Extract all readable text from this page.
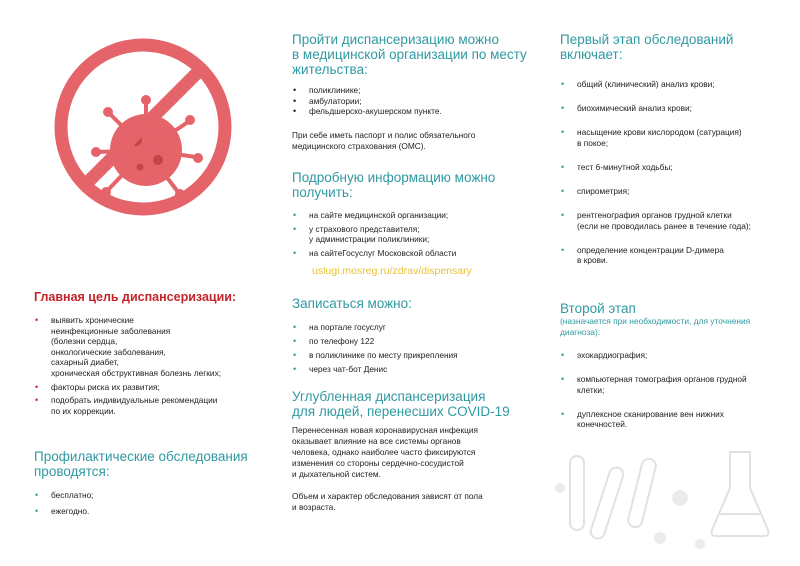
Главная цель диспансеризации:
• выявить хронические
неинфекционные заболевания
(болезни сердца,
онкологические заболевания,
сахарный диабет,
хроническая обструктивная болезнь легких;
• факторы риска их развития;
• подобрать индивидуальные рекомендации
по их коррекции.
Профилактические обследования
проводятся:
• бесплатно;
• ежегодно.
Пройти диспансеризацию можно
в медицинской организации по месту
жительства:
• поликлинике;
• амбулатории;
• фельдшерско-акушерском пункте.

При себе иметь паспорт и полис обязательного
медицинского страхования (ОМС).

Подробную информацию можно
получить:
• на сайте медицинской организации;
• у страхового представителя;
у администрации поликлиники;
• на сайтеГосуслуг Московской области
uslugi.mosreg.ru/zdrav/dispensary
Записаться можно:
• на портале госуслуг
• по телефону 122
• в поликлинике по месту прикрепления
• через чат-бот Денис
Углубленная диспансеризация
для людей, перенесших COVID-19

Перенесенная новая коронавирусная инфекция
оказывает влияние на все системы органов
человека, однако наиболее часто фиксируются
изменения со стороны сердечно-сосудистой
и дыхательной систем.

Объем и характер обследования зависят от пола
и возраста.

Первый этап обследований
включает:
• общий (клинический) анализ крови;
• биохимический анализ крови;
• насыщение крови кислородом (сатурация)
в покое;
• тест 6-минутной ходьбы;
• спирометрия;
• рентгенография органов грудной клетки
(если не проводилась ранее в течение года);
• определение концентрации D-димера
в крови.
Второй этап
(назначается при необходимости, для уточнения
диагноза):
• эхокардиография;
• компьютерная томография органов грудной
клетки;
• дуплексное сканирование вен нижних
конечностей.
